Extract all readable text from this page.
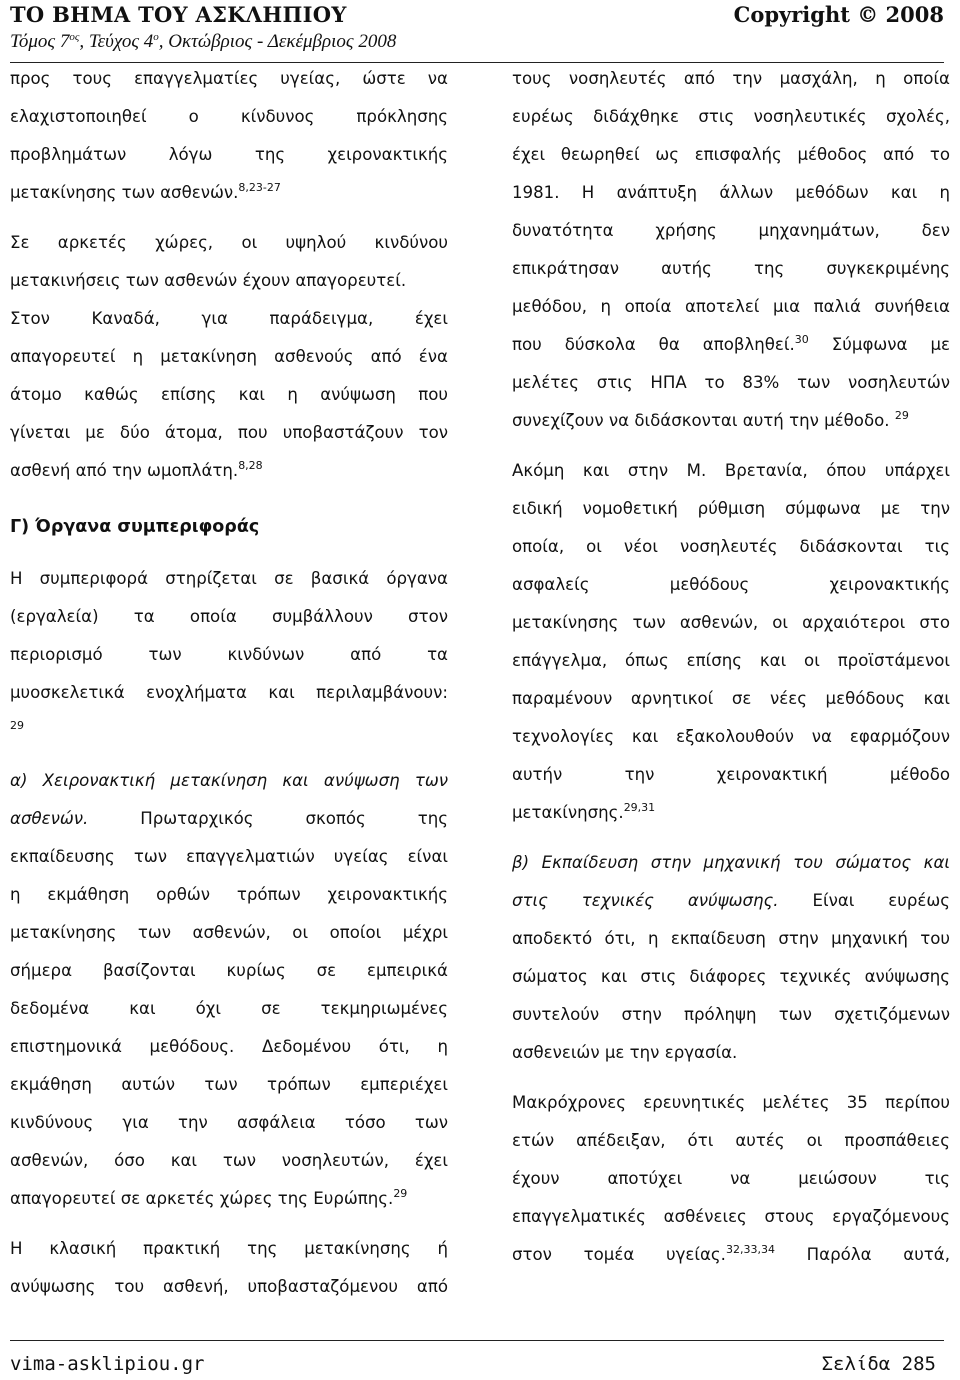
ΤΟ ΒΗΜΑ ΤΟΥ ΑΣΚΛΗΠΙΟΥ
Τόμος $7^{o\varsigma}$, Τεύχος $4^o$, Οκτώβριος - Δεκέμβριος 2008
Copyright © 2008

προς τους επαγγελματίες υγείας, ώστε να
ελαχιστοποιηθεί ο κίνδυνος πρόκλησης
προβλημάτων λόγω της χειρονακτικής
μετακίνησης των ασθενών.$^{8,23-27}$

Σε αρκετές χώρες, οι υψηλού κινδύνου
μετακινήσεις των ασθενών έχουν απαγορευτεί.
Στον Καναδά, για παράδειγμα, έχει
απαγορευτεί η μετακίνηση ασθενούς από ένα
άτομο καθώς επίσης και η ανύψωση που
γίνεται με δύο άτομα, που υποβαστάζουν τον
ασθενή από την ωμοπλάτη.$^{8,28}$

Γ) Όργανα συμπεριφοράς

Η συμπεριφορά στηρίζεται σε βασικά όργανα
(εργαλεία) τα οποία συμβάλλουν στον
περιορισμό των κινδύνων από τα
μυοσκελετικά ενοχλήματα και περιλαμβάνουν:
$^{29}$

α) Χειρονακτική μετακίνηση και ανύψωση των
ασθενών.	Πρωταρχικός σκοπός της
εκπαίδευσης των επαγγελματιών υγείας είναι
η εκμάθηση ορθών τρόπων χειρονακτικής
μετακίνησης των ασθενών, οι οποίοι μέχρι
σήμερα βασίζονται κυρίως σε εμπειρικά
δεδομένα και όχι σε τεκμηριωμένες
επιστημονικά μεθόδους. Δεδομένου ότι, η
εκμάθηση αυτών των τρόπων εμπεριέχει
κινδύνους για την ασφάλεια τόσο των
ασθενών, όσο και των νοσηλευτών, έχει
απαγορευτεί σε αρκετές χώρες της Ευρώπης.$^{29}$

Η κλασική πρακτική της μετακίνησης ή
ανύψωσης του ασθενή, υποβασταζόμενου από

τους νοσηλευτές από την μασχάλη, η οποία
ευρέως διδάχθηκε στις νοσηλευτικές σχολές,
έχει θεωρηθεί ως επισφαλής μέθοδος από το
1981. Η ανάπτυξη άλλων μεθόδων και η
δυνατότητα χρήσης μηχανημάτων, δεν
επικράτησαν αυτής της συγκεκριμένης
μεθόδου, η οποία αποτελεί μια παλιά συνήθεια
που δύσκολα θα αποβληθεί.$^{30}$ Σύμφωνα με
μελέτες στις ΗΠΑ το 83% των νοσηλευτών
συνεχίζουν να διδάσκονται αυτή την μέθοδο. $^{29}$

Ακόμη και στην Μ. Βρετανία, όπου υπάρχει
ειδική νομοθετική ρύθμιση σύμφωνα με την
οποία, οι νέοι νοσηλευτές διδάσκονται τις
ασφαλείς μεθόδους χειρονακτικής
μετακίνησης των ασθενών, οι αρχαιότεροι στο
επάγγελμα, όπως επίσης και οι προϊστάμενοι
παραμένουν αρνητικοί σε νέες μεθόδους και
τεχνολογίες και εξακολουθούν να εφαρμόζουν
αυτήν την χειρονακτική μέθοδο
μετακίνησης.$^{29,31}$

β) Εκπαίδευση στην μηχανική του σώματος και
στις τεχνικές ανύψωσης. Είναι ευρέως
αποδεκτό ότι, η εκπαίδευση στην μηχανική του
σώματος και στις διάφορες τεχνικές ανύψωσης
συντελούν στην πρόληψη των σχετιζόμενων
ασθενειών με την εργασία.

Μακρόχρονες ερευνητικές μελέτες 35 περίπου
ετών απέδειξαν, ότι αυτές οι προσπάθειες
έχουν αποτύχει να μειώσουν τις
επαγγελματικές ασθένειες στους εργαζόμενους
στον τομέα υγείας.$^{32,33,34}$ Παρόλα αυτά,

vima-asklipiou.gr	Σελίδα 285
